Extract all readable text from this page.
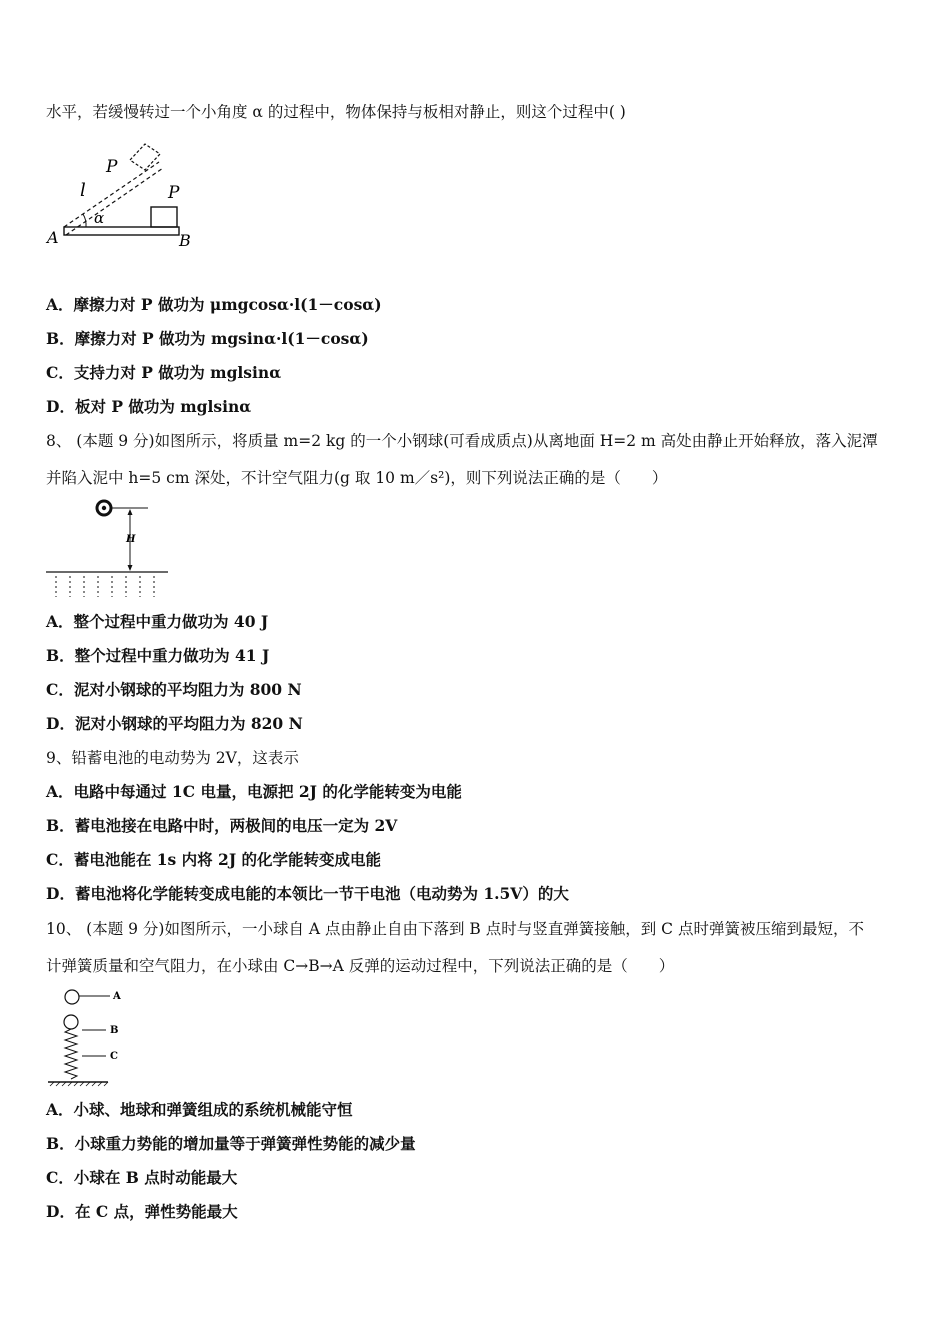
水平，若缓慢转过一个小角度 α 的过程中，物体保持与板相对静止，则这个过程中( )
P
P
l
α
A	B
A．摩擦力对 P 做功为 μmgcosα·l(1－cosα)
B．摩擦力对 P 做功为 mgsinα·l(1－cosα)
C．支持力对 P 做功为 mglsinα
D．板对 P 做功为 mglsinα
8、 (本题 9 分)如图所示，将质量 m=2 kg 的一个小钢球(可看成质点)从离地面 H=2 m 高处由静止开始释放，落入泥潭
并陷入泥中 h=5 cm 深处，不计空气阻力(g 取 10 m／s²)，则下列说法正确的是（　　）
H
A．整个过程中重力做功为 40 J
B．整个过程中重力做功为 41 J
C．泥对小钢球的平均阻力为 800 N
D．泥对小钢球的平均阻力为 820 N
9、铅蓄电池的电动势为 2V，这表示
A．电路中每通过 1C 电量，电源把 2J 的化学能转变为电能
B．蓄电池接在电路中时，两极间的电压一定为 2V
C．蓄电池能在 1s 内将 2J 的化学能转变成电能
D．蓄电池将化学能转变成电能的本领比一节干电池（电动势为 1.5V）的大
10、 (本题 9 分)如图所示，一小球自 A 点由静止自由下落到 B 点时与竖直弹簧接触，到 C 点时弹簧被压缩到最短，不
计弹簧质量和空气阻力，在小球由 C→B→A 反弹的运动过程中，下列说法正确的是（　　）
A
B
C
A．小球、地球和弹簧组成的系统机械能守恒
B．小球重力势能的增加量等于弹簧弹性势能的减少量
C．小球在 B 点时动能最大
D．在 C 点，弹性势能最大
